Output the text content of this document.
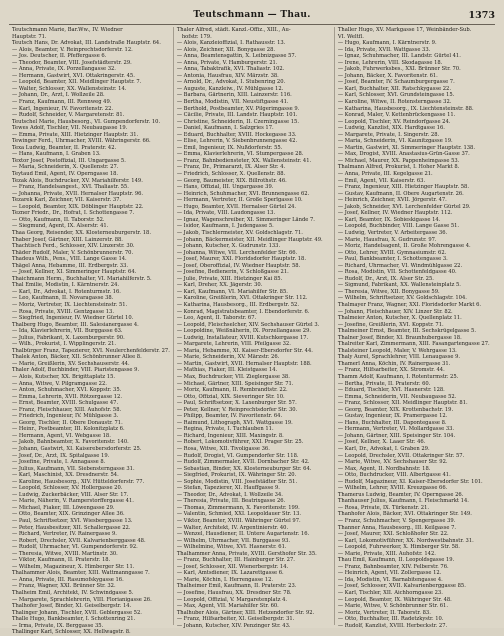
Teutschmann — Thau.	1373
Teutschmann Marie, Bar.Ww., IV. Wiedner
Hauptstr. 71.
Teutsch Hans, Dr. Advokat, III. Landstraße Hauptstr. 64.
— Alois, Beamter, V. Reinprechtsdorferstr. 12.
— Jos. Deutscher, II. Pfeffergasse 6.
— Theodor, Beamter, VIII. Josefstädterstr. 29.
— Anna, Private, IX. Porzellangasse 32.
— Hermann, Gastwirt, XVI. Ottakringerstr. 45.
— Leopold, Beamter, XII. Meidlinger Hauptstr. 7.
— Walter, Schlosser, XX. Wallensteinstr. 14.
— Johann, Dr., Arzt, I. Wollzeile 28.
— Franz, Kaufmann, III. Rennweg 49.
— Karl, Ingenieur, IV. Favoritenstr. 22.
— Rudolf, Schneider, V. Margaretenstr. 81.
Teutschel Marie, Hausbesorg., VI. Gumpendorferstr. 10.
Tewes Adolf, Tischler, VII. Neubaugasse 19.
— Emma, Private, XIII. Hietzinger Hauptstr. 31.
Tewinger Ferd., Uhrmacher, XVIII. Währingerstr. 66.
Texa Ludwig, Beamter, II. Praterstr. 42.
— Hans, Kaufmann, I. Graben 13.
Textor Josef, Postoffizial, III. Ungargasse 5.
— Maria, Schneiderin, X. Quellenstr. 27.
Teytaud Emil, Agent, IV. Operngasse 18.
Tezak Alois, Buchdrucker, XV. Mariahilferstr. 149.
— Franz, Handelsangest., XVI. Thaliastr. 55.
— Johanna, Private, XVII. Hernalser Hauptstr. 96.
Tezarek Karl, Zeichner, VII. Kaiserstr. 37.
— Leopold, Beamter, XIX. Döblinger Hauptstr. 22.
Tezner Friedr., Dr., Hofrat, I. Schottengasse 7.
— Otto, Kaufmann, II. Taborstr. 52.
— Siegmund, Agent, IX. Alserstr. 41.
Thaa Georg, Reisender, XX. Klosterneuburgerstr. 18.
Thaber Josef, Gärtner, XIII. Lainzerstr. 88.
Thachtisch Ferd., Schlosser, XIV. Linzerstr. 30.
Thäder Rudolf, Maler, V. Schönbrunnerstr. 70.
Thadeus Wilh., Pens., VIII. Lange Gasse 14.
Thägel Anna, Hebamme, III. Erdbergstr. 33.
— Josef, Kellner, XI. Simmeringer Hauptstr. 64.
Thaichmann Herm., Buchhalter, VI. Mariahilferstr. 5.
Thal Emilie, Modistin, I. Kärntnerstr. 24.
— Karl, Dr., Advokat, I. Rotenturmstr. 16.
— Leo, Kaufmann, II. Novaragasse 38.
— Moriz, Vertreter, IX. Liechtensteinstr. 51.
— Rosa, Private, XVIII. Gentzgasse 13.
— Siegfried, Ingenieur, IV. Wiedner Gürtel 10.
Thalberg Hugo, Beamter, III. Salesianergasse 4.
— Ida, Klavierlehrerin, VII. Burggasse 63.
— Julius, Fabrikant, X. Laxenburgerstr. 90.
— Wilh., Prokurist, I. Wipplingerstr. 21.
Thalbürger Franz, Tapezierer, XVI. Neulerchenfelderstr. 27.
Thalek Anton, Bäcker, XII. Schönbrunner Allee 8.
— Marie, Greißlerin, XV. Sechshauserstr. 44.
Thaler Adolf, Buchbinder, VIII. Piaristengasse 9.
— Alois, Kutscher, XX. Brigittaplatz 15.
— Anna, Witwe, V. Pilgramgasse 22.
— Anton, Schuhmacher, XVI. Koppstr. 35.
— Emma, Lehrerin, XVII. Rötzergasse 12.
— Ernst, Beamter, XVIII. Schulgasse 47.
— Franz, Fleischhauer, XIII. Auhofstr. 58.
— Friedrich, Ingenieur, IV. Mühlgasse 3.
— Georg, Tischler, II. Obere Donaustr. 71.
— Heinr., Postbeamter, III. Kolonitzplatz 6.
— Hermann, Agent, VI. Webgasse 18.
— Jakob, Bahnbeamter, X. Favoritenstr. 140.
— Johann, Gastwirt, XI. Kaiserebersdorferstr. 25.
— Josef, Dr., Arzt, IX. Spitalgasse 19.
— Josefine, Private, I. Annagasse 8.
— Julius, Kaufmann, VII. Siebensterngasse 31.
— Karl, Maschinist, XX. Dresdnerstr. 54.
— Karoline, Hausbesorg., XIV. Hütteldorferstr. 77.
— Leopold, Schlosser, XV. Hollergasse 20.
— Ludwig, Zuckerbäcker, VIII. Alser Str. 17.
— Marie, Näherin, V. Ramperstorffergasse 41.
— Michael, Fiaker, III. Löwengasse 29.
— Otto, Beamter, XIX. Grinzinger Allee 36.
— Paul, Schriftsetzer, XVI. Wiesberggasse 13.
— Peter, Hausbesitzer, XII. Schallergasse 22.
— Richard, Vertreter, IV. Rainergasse 9.
— Robert, Drechsler, XVII. Kalvarienberggasse 48.
— Rudolf, Uhrmacher, VI. Gumpendorferstr. 92.
— Theresia, Witwe, XVIII. Martinstr. 30.
— Viktor, Kaufmann, II. Praterstr. 18.
— Wilhelm, Magazineur, X. Himberger Str. 11.
Thalhammer Alois, Beamter, XIII. Wattmanngasse 7.
— Anna, Private, III. Rasumofskygasse 16.
— Franz, Wagner, XXI. Brünner Str. 32.
Thalheim Emil, Architekt, IV. Schwindgasse 5.
— Margarete, Sprachlehrerin, VIII. Florianigasse 26.
Thalhofer Josef, Binder, XI. Geiselbergstr. 14.
Thalinger Johann, Tischler, XVII. Geblergasse 52.
Thalle Hugo, Bankbeamter, I. Schottenring 21.
— Irma, Private, IX. Berggasse 35.
Thallinger Karl, Schlosser, XX. Hellwagstr. 8.
Thaler Alfred, städt. Kanzl.-Offiz., XIII., Au-
hofstr. 179.
— Alois, Kanzleioffizial, I. Rathausstr. 13.
— Alois, Zeichner, XII. Bonygasse 28.
— Anna, Beamtensgattin, X. Leibnizgasse 57.
— Anna, Private, V. Hamburgerstr. 21.
— Anna, Tabaktrafik, XVI. Thaliastr. 102.
— Antonia, Hausfrau, XIV. Märzstr. 38.
— Arnold, Dr., Advokat, I. Stubenring 20.
— Auguste, Kanzleiw., IV. Mühlgasse 12.
— Barbara, Gärtnerin, XIII. Lainzerstr. 116.
— Bertha, Modistin, VII. Neustiftgasse 41.
— Berthold, Postbeamter, XV. Pilgerimgasse 9.
— Cäcilie, Private, III. Landstr. Hauptstr. 101.
— Christine, Schneiderin, II. Czerningasse 15.
— Daniel, Kaufmann, I. Salzgries 17.
— Eduard, Buchhalter, XVIII. Hockegasse 33.
— Elise, Lehrerin, V. Siebenbrunnengasse 42.
— Emil, Ingenieur, IX. Nußdorferstr. 55.
— Emma, Klavierlehrerin, VI. Stumpergasse 28.
— Franz, Bahnbediensteter, XX. Wallensteinstr. 41.
— Franz, Dr., Primararzt, IX. Alser Str. 4.
— Friedrich, Schlosser, X. Quellenstr. 88.
— Georg, Baumeister, XIX. Billrothstr. 46.
— Hans, Offizial, III. Ungargasse 39.
— Heinrich, Schuhmacher, XVI. Brunnengasse 62.
— Hermann, Vertreter, II. Große Sperlgasse 10.
— Hugo, Beamter, XVII. Hernalser Gürtel 24.
— Ida, Private, VIII. Laudongasse 13.
— Ignaz, Wagenschreiber, XI. Simmeringer Lände 7.
— Isidor, Kaufmann, I. Judengasse 5.
— Jakob, Tischlermeister, XV. Goldschlagstr. 71.
— Johann, Bäckermeister, XII. Meidlinger Hauptstr. 49.
— Johann, Kutscher, X. Gudrunstr. 133.
— Johanna, Witwe, VII. Lerchenfelder Str. 66.
— Josef, Maurer, XXI. Floridsdorfer Hauptstr. 18.
— Josef, Oberoffizial, IV. Wiedner Hauptstr. 58.
— Josefine, Bedienerin, V. Schloßgasse 21.
— Julie, Private, XIII. Hietzinger Kai 85.
— Karl, Dreher, XX. Jägerstr. 30.
— Karl, Kaufmann, VI. Mariahilfer Str. 85.
— Karoline, Greißlerin, XVI. Ottakringer Str. 112.
— Katharina, Hausbesorg., III. Erdbergstr. 52.
— Konrad, Magistratsbeamter, I. Ebendorferstr. 6.
— Leo, Agent, II. Taborstr. 67.
— Leopold, Fleischselcher, XIV. Sechshauser Gürtel 3.
— Leopoldine, Weißnäherin, IX. Porzellangasse 29.
— Ludwig, Installateur, XVIII. Kutschkergasse 17.
— Margarete, Lehrerin, VIII. Pfeilgasse 32.
— Maria, Hebamme, XI. Kaiser-Ebersdorfer Str. 44.
— Marie, Schneiderin, XV. Märzstr. 26.
— Martin, Gastwirt, XVII. Hernalser Hauptstr. 188.
— Mathias, Fiaker, III. Kleistgasse 14.
— Max, Buchdrucker, VII. Zieglergasse 38.
— Michael, Gärtner, XIII. Speisinger Str. 71.
— Moriz, Kaufmann, II. Rembrandtstr. 22.
— Otto, Offizial, XIX. Sieveringer Str. 10.
— Paul, Schriftsetzer, X. Laxenburger Str. 57.
— Peter, Kellner, V. Reinprechtsdorfer Str. 30.
— Philipp, Beamter, IV. Favoritenstr. 64.
— Raimund, Lithograph, XVI. Wattgasse 19.
— Regina, Private, I. Tuchlauben 11.
— Richard, Ingenieur, XIII. Maxingstr. 8.
— Robert, Lokomotivführer, XXI. Prager Str. 25.
— Rosa, Witwe, XII. Tivoligasse 36.
— Rudolf, Drogist, VI. Gumpendorfer Str. 118.
— Rudolf, Zimmermaler, XVII. Dornbacher Str. 42.
— Sebastian, Binder, XX. Klosterneuburger Str. 64.
— Siegfried, Prokurist, IX. Währinger Str. 20.
— Sophie, Modistin, VIII. Josefstädter Str. 51.
— Stefan, Tapezierer, XI. Hauffgasse 9.
— Theodor, Dr., Advokat, I. Wollzeile 34.
— Theresia, Private, III. Beatrixgasse 26.
— Thomas, Zimmermann, X. Favoritenstr. 199.
— Valentin, Schmied, XXI. Leopoldauer Str. 13.
— Viktor, Beamter, XVIII. Währinger Gürtel 97.
— Walter, Architekt, IV. Argentinierstr. 40.
— Wenzel, Hausdiener, II. Untere Augartenstr. 16.
— Wilhelm, Uhrmacher, VII. Burggasse 93.
— Wilhelmine, Witwe, XVI. Hasnerstr. 61.
Thalhammer Anna, Private, XVIII. Gersthofer Str. 35.
— Franz, Buchhalter, III. Hainburger Str. 27.
— Josef, Schlosser, XII. Wienerbergstr. 14.
— Karl, Amtsdiener, IX. Lazarettgasse 6.
— Marie, Köchin, I. Herrengasse 12.
Thalheimer Emil, Kaufmann, II. Praterstr. 23.
— Josefine, Hausfrau, XX. Dresdner Str. 78.
— Leopold, Offizial, V. Margaretenplatz 4.
— Max, Agent, VII. Mariahilfer Str. 60.
Thalhuber Alois, Gärtner, XIII. Hetzendorfer Str. 92.
— Franz, Hilfsarbeiter, XI. Geiselbergstr. 31.
— Johann, Kutscher, XIV. Penzinger Str. 43.
Thaller Hugo, XV. Markgasse 17, Weinbänder-Sub.
VI. Weltfl.
— Hugo, Kaufmann, I. Kärntnerstr. 9.
— Ida, Private, XVII. Wattgasse 33.
— Ignaz, Schuhmacher, III. Landstr. Gürtel 41.
— Irene, Lehrerin, VIII. Skodagasse 18.
— Jakob, Fuhrwerksbes., XXI. Brünner Str. 70.
— Johann, Bäcker, X. Favoritenstr. 61.
— Josef, Beamter, IV. Schaumburgergasse 7.
— Karl, Buchhalter, XII. Ratschkygasse 22.
— Karl, Schlosser, XVI. Grundsteingasse 15.
— Karoline, Witwe, II. Rotensterngasse 32.
— Katharina, Hausbesorg., IX. Liechtensteinstr. 88.
— Konrad, Maler, V. Kettenbrückengasse 11.
— Leopold, Tischler, XV. Reindorfgasse 24.
— Ludwig, Kanzlist, XIX. Hardtgasse 16.
— Margarete, Private, I. Singerstr. 28.
— Maria, Schneiderin, VI. Kaunitzgasse 19.
— Martin, Gastwirt, XI. Simmeringer Hauptstr. 138.
— Max, Drogist, XVIII. Anastasius-Grün-Gasse 37.
— Michael, Maurer, XX. Pappenheimgasse 53.
Thalmann Alfred, Prokurist, I. Hoher Markt 8.
— Anna, Private, III. Kegelgasse 21.
— Emil, Agent, VII. Kaiserstr. 63.
— Franz, Ingenieur, XIII. Hietzinger Hauptstr. 58.
— Gustav, Kaufmann, II. Obere Augartenstr. 26.
— Heinrich, Zeichner, XVII. Jörgerstr. 47.
— Jakob, Schneider, XVI. Lerchenfelder Gürtel 29.
— Josef, Kellner, IV. Wiedner Hauptstr. 112.
— Karl, Beamter, IX. Sobieskigasse 14.
— Leopold, Buchbinder, VIII. Lange Gasse 51.
— Ludwig, Vertreter, V. Arbeitergasse 36.
— Marie, Hausfrau, X. Gudrunstr. 97.
— Moriz, Handelsagent, II. Große Mohrengasse 4.
— Otto, Lehrer, XVIII. Gymnasiumstr. 62.
— Paul, Bankbeamter, I. Schottengasse 3.
— Richard, Uhrmacher, VI. Windmühlgasse 22.
— Rosa, Modistin, VII. Schottenfeldgasse 40.
— Rudolf, Dr., Arzt, IX. Alser Str. 25.
— Sigmund, Fabrikant, XX. Wallensteinplatz 5.
— Theresia, Witwe, XII. Bonygasse 59.
— Wilhelm, Schriftsetzer, XV. Goldschlagstr. 104.
Thalmayer Franz, Wagner, XXI. Floridsdorfer Markt 6.
— Johann, Fleischhauer, XIV. Linzer Str. 82.
Thalmeier Anton, Kutscher, X. Quellenplatz 11.
— Josefine, Greißlerin, XVI. Koppstr. 71.
Thalmeiner Ernst, Beamter, III. Sechskrügelgasse 5.
Thalner Josef, Binder, XI. Braunhubergasse 18.
Thalreiter Karl, Zimmermann, XIII. Fasangartengasse 27.
Thalsteiner Leopold, Maler, V. Wehrgasse 13.
Thaly Aurel, Sprachlehrer, VIII. Lenaugasse 9.
Thamerl Anna, Köchin, IV. Rainergasse 31.
— Franz, Hilfsarbeiter, XX. Stromstr. 44.
Thamm Adolf, Kaufmann, I. Rotenturmstr. 25.
— Bertha, Private, II. Praterstr. 60.
— Eduard, Tischler, XVI. Hasnerstr. 128.
— Emma, Schneiderin, VII. Neubaugasse 52.
— Franz, Schlosser, XII. Meidlinger Hauptstr. 81.
— Georg, Beamter, XIX. Krottenbachstr. 19.
— Gustav, Ingenieur, IX. Pramergasse 12.
— Hans, Buchhalter, III. Dapontegasse 8.
— Hermann, Vertreter, VI. Mollardgasse 33.
— Johann, Gärtner, XIII. Speisinger Str. 104.
— Josef, Kellner, X. Laaer Str. 46.
— Karl, Dr., Advokat, I. Graben 29.
— Leopold, Drechsler, XVII. Ottakringer Str. 57.
— Marie, Witwe, XV. Sechshauser Str. 92.
— Max, Agent, II. Nordbahnstr. 18.
— Otto, Buchdrucker, VIII. Albertgasse 41.
— Rudolf, Magazineur, XI. Kaiser-Ebersdorfer Str. 101.
— Wilhelm, Lehrer, XVIII. Kreuzgasse 66.
Thamerus Ludwig, Beamter, IV. Operngasse 26.
Thanhauser Julius, Kaufmann, I. Fleischmarkt 14.
— Rosa, Private, IX. Türkenstr. 21.
Thanhofer Alois, Bäcker, XVI. Ottakringer Str. 149.
— Franz, Schuhmacher, V. Spengergasse 39.
Thanner Anna, Hausbesorg., III. Keilgasse 7.
— Josef, Maurer, XXI. Schloßhofer Str. 22.
— Karl, Lokomotivführer, XX. Nordwestbahnstr. 31.
— Leopold, Fuhrwerker, X. Himberger Str. 58.
— Marie, Private, XIII. Auhofstr. 142.
Thau Emil, Kaufmann, II. Leopoldsgasse 19.
— Franz, Bahnbeamter, XIV. Felberstr. 76.
— Heinrich, Agent, VII. Zollergasse 12.
— Ida, Modistin, VI. Barnabitengasse 4.
— Josef, Schlosser, XVII. Kalvarienberggasse 85.
— Karl, Tischler, XII. Aichhorngasse 23.
— Leopold, Beamter, IX. Währinger Str. 48.
— Marie, Witwe, V. Schönbrunner Str. 61.
— Moriz, Vertreter, II. Taborstr. 83.
— Otto, Buchhalter, III. Radetzkystr. 10.
— Rudolf, Kanzlist, XVIII. Herbeckstr. 27.
